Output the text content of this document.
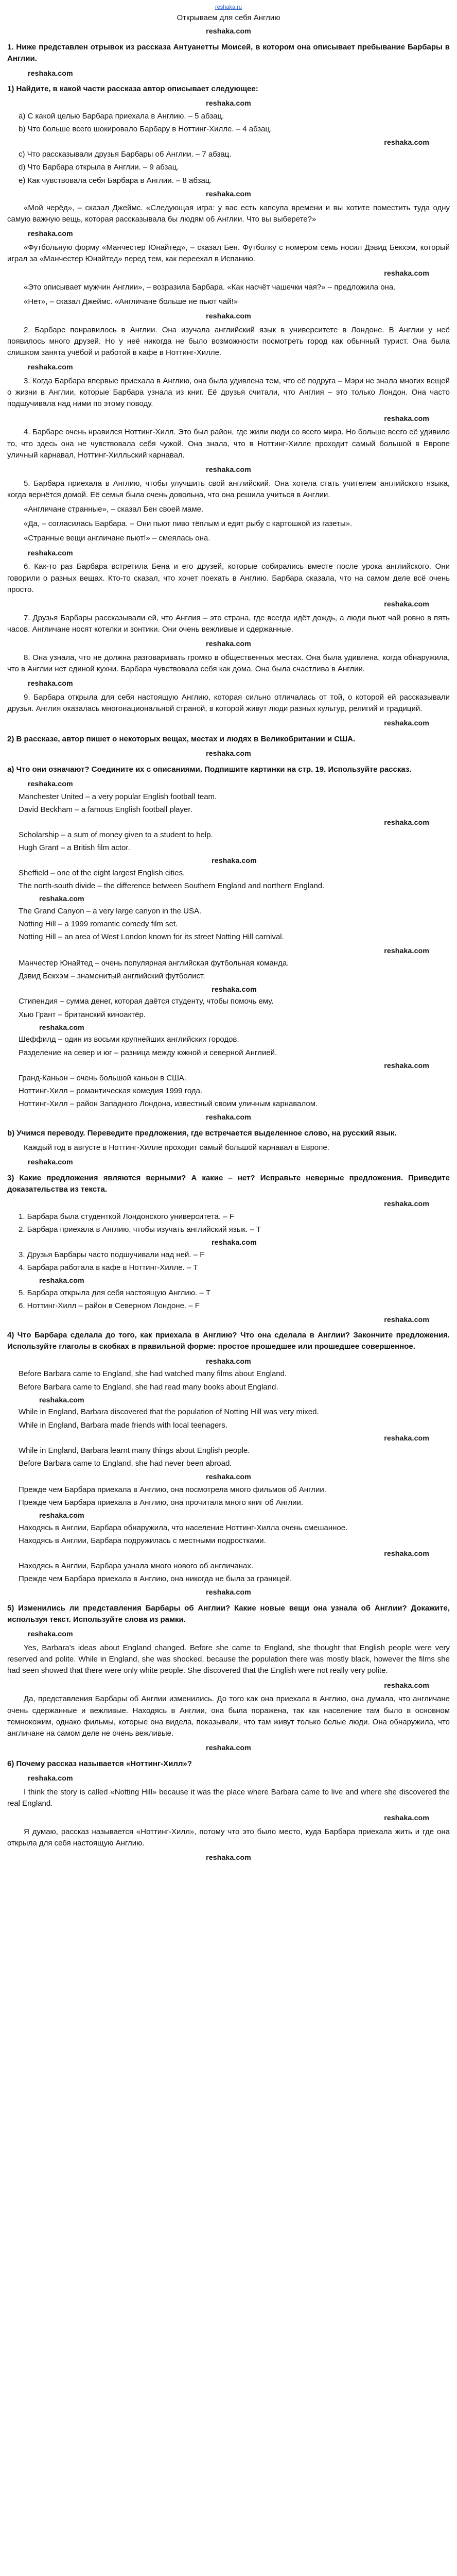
reshaka.ru
Откpываем для себя Англию
reshaka.com
1. Ниже представлен отрывок из рассказа Антуанетты Моисей, в котором она описывает пребывание Барбары в Англии.
reshaka.com
1) Найдите, в какой части рассказа автор описывает следующее:
reshaka.com
а) С какой целью Барбара приехала в Англию. – 5 абзац.
b) Что больше всего шокировало Барбару в Ноттинг-Хилле. – 4 абзац.
reshaka.com
с) Что рассказывали друзья Барбары об Англии. – 7 абзац.
d) Что Барбара открыла в Англии. – 9 абзац.
е) Как чувствовала себя Барбара в Англии. – 8 абзац.
reshaka.com
«Мой черёд», – сказал Джеймс. «Следующая игра: у вас есть капсула времени и вы хотите поместить туда одну самую важную вещь, которая рассказывала бы людям об Англии. Что вы выберете?»
reshaka.com
«Футбольную форму «Манчестер Юнайтед», – сказал Бен. Футболку с номером семь носил Дэвид Бекхэм, который играл за «Манчестер Юнайтед» перед тем, как переехал в Испанию.
reshaka.com
«Это описывает мужчин Англии», – возразила Барбара. «Как насчёт чашечки чая?» – предложила она.
«Нет», – сказал Джеймс. «Англичане больше не пьют чай!»
reshaka.com
2. Барбаре понравилось в Англии. Она изучала английский язык в университете в Лондоне. В Англии у неё появилось много друзей. Но у неё никогда не было возможности посмотреть город как обычный турист. Она была слишком занята учёбой и работой в кафе в Ноттинг-Хилле.
reshaka.com
3. Когда Барбара впервые приехала в Англию, она была удивлена тем, что её подруга – Мэри не знала многих вещей о жизни в Англии, которые Барбара узнала из книг. Её друзья считали, что Англия – это только Лондон. Она часто подшучивала над ними по этому поводу.
reshaka.com
4. Барбаре очень нравился Ноттинг-Хилл. Это был район, где жили люди со всего мира. Но больше всего её удивило то, что здесь она не чувствовала себя чужой. Она знала, что в Ноттинг-Хилле проходит самый большой в Европе уличный карнавал, Ноттинг-Хилльский карнавал.
reshaka.com
5. Барбара приехала в Англию, чтобы улучшить свой английский. Она хотела стать учителем английского языка, когда вернётся домой. Её семья была очень довольна, что она решила учиться в Англии.
«Англичане странные», – сказал Бен своей маме.
«Да, – согласилась Барбара. – Они пьют пиво тёплым и едят рыбу с картошкой из газеты».
«Странные вещи англичане пьют!» – смеялась она.
reshaka.com
6. Как-то раз Барбара встретила Бена и его друзей, которые собирались вместе после урока английского. Они говорили о разных вещах. Кто-то сказал, что хочет поехать в Англию. Барбара сказала, что на самом деле всё очень просто.
reshaka.com
7. Друзья Барбары рассказывали ей, что Англия – это страна, где всегда идёт дождь, а люди пьют чай ровно в пять часов. Англичане носят котелки и зонтики. Они очень вежливые и сдержанные.
reshaka.com
8. Она узнала, что не должна разговаривать громко в общественных местах. Она была удивлена, когда обнаружила, что в Англии нет единой кухни. Барбара чувствовала себя как дома. Она была счастлива в Англии.
reshaka.com
9. Барбара открыла для себя настоящую Англию, которая сильно отличалась от той, о которой ей рассказывали друзья. Англия оказалась многонациональной страной, в которой живут люди разных культур, религий и традиций.
reshaka.com
2) В рассказе, автор пишет о некоторых вещах, местах и людях в Великобритании и США.
reshaka.com
а) Что они означают? Соедините их с описаниями. Подпишите картинки на стр. 19. Используйте рассказ.
reshaka.com
Manchester United – a very popular English football team.
David Beckham – a famous English football player.
reshaka.com
Scholarship – a sum of money given to a student to help.
Hugh Grant – a British film actor.
reshaka.com
Sheffield – one of the eight largest English cities.
The north-south divide – the difference between Southern England and northern England.
reshaka.com
The Grand Canyon – a very large canyon in the USA.
Notting Hill – a 1999 romantic comedy film set.
Notting Hill – an area of West London known for its street Notting Hill carnival.
reshaka.com
Манчестер Юнайтед – очень популярная английская футбольная команда.
Дэвид Бекхэм – знаменитый английский футболист.
reshaka.com
Стипендия – сумма денег, которая даётся студенту, чтобы помочь ему.
Хью Грант – британский киноактёр.
reshaka.com
Шеффилд – один из восьми крупнейших английских городов.
Разделение на север и юг – разница между южной и северной Англией.
reshaka.com
Гранд-Каньон – очень большой каньон в США.
Ноттинг-Хилл – романтическая комедия 1999 года.
Ноттинг-Хилл – район Западного Лондона, известный своим уличным карнавалом.
reshaka.com
b) Учимся переводу. Переведите предложения, где встречается выделенное слово, на русский язык.
Каждый год в августе в Ноттинг-Хилле проходит самый большой карнавал в Европе.
reshaka.com
3) Какие предложения являются верными? А какие – нет? Исправьте неверные предложения. Приведите доказательства из текста.
reshaka.com
1. Барбара была студенткой Лондонского университета. – F
2. Барбара приехала в Англию, чтобы изучать английский язык. – T
reshaka.com
3. Друзья Барбары часто подшучивали над ней. – F
4. Барбара работала в кафе в Ноттинг-Хилле. – T
reshaka.com
5. Барбара открыла для себя настоящую Англию. – T
6. Ноттинг-Хилл – район в Северном Лондоне. – F
reshaka.com
4) Что Барбара сделала до того, как приехала в Англию? Что она сделала в Англии? Закончите предложения. Используйте глаголы в скобках в правильной форме: простое прошедшее или прошедшее совершенное.
reshaka.com
Before Barbara came to England, she had watched many films about England.
Before Barbara came to England, she had read many books about England.
reshaka.com
While in England, Barbara discovered that the population of Notting Hill was very mixed.
While in England, Barbara made friends with local teenagers.
reshaka.com
While in England, Barbara learnt many things about English people.
Before Barbara came to England, she had never been abroad.
reshaka.com
Прежде чем Барбара приехала в Англию, она посмотрела много фильмов об Англии.
Прежде чем Барбара приехала в Англию, она прочитала много книг об Англии.
reshaka.com
Находясь в Англии, Барбара обнаружила, что население Ноттинг-Хилла очень смешанное.
Находясь в Англии, Барбара подружилась с местными подростками.
reshaka.com
Находясь в Англии, Барбара узнала много нового об англичанах.
Прежде чем Барбара приехала в Англию, она никогда не была за границей.
reshaka.com
5) Изменились ли представления Барбары об Англии? Какие новые вещи она узнала об Англии? Докажите, используя текст. Используйте слова из рамки.
reshaka.com
Yes, Barbara's ideas about England changed. Before she came to England, she thought that English people were very reserved and polite. While in England, she was shocked, because the population there was mostly black, however the films she had seen showed that there were only white people. She discovered that the English were not really very polite.
reshaka.com
Да, представления Барбары об Англии изменились. До того как она приехала в Англию, она думала, что англичане очень сдержанные и вежливые. Находясь в Англии, она была поражена, так как население там было в основном темнокожим, однако фильмы, которые она видела, показывали, что там живут только белые люди. Она обнаружила, что англичане на самом деле не очень вежливые.
reshaka.com
6) Почему рассказ называется «Ноттинг-Хилл»?
reshaka.com
I think the story is called «Notting Hill» because it was the place where Barbara came to live and where she discovered the real England.
reshaka.com
Я думаю, рассказ называется «Ноттинг-Хилл», потому что это было место, куда Барбара приехала жить и где она открыла для себя настоящую Англию.
reshaka.com
